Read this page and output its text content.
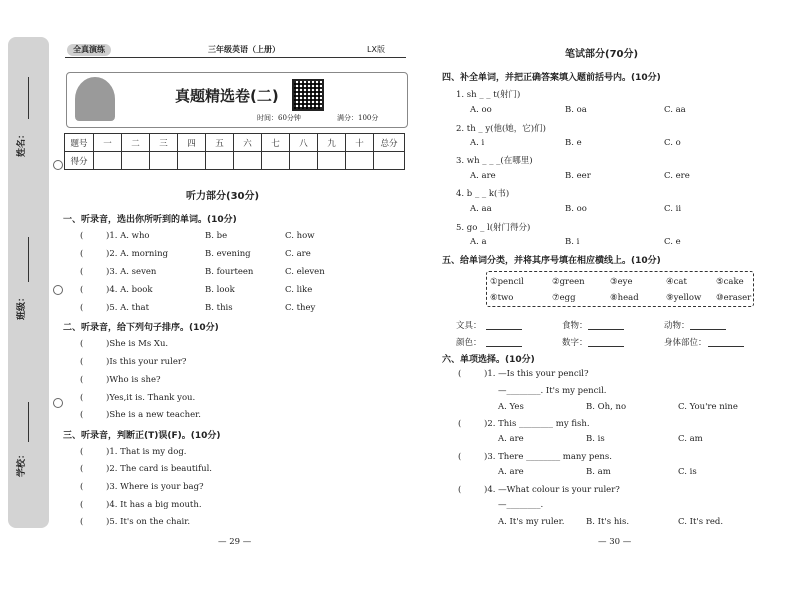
姓名：
班级：
学校：
全真演练	三年级英语（上册）	LX版
真题精选卷(二)
时间：60分钟	满分：100分
题号	一	二	三	四	五	六	七	八	九	十	总分
得分											
听力部分(30分)
一、听录音，选出你所听到的单词。(10分)
(	)1. A. who	B. be	C. how
(	)2. A. morning	B. evening	C. are
(	)3. A. seven	B. fourteen	C. eleven
(	)4. A. book	B. look	C. like
(	)5. A. that	B. this	C. they
二、听录音，给下列句子排序。(10分)
(	)She is Ms Xu.
(	)Is this your ruler?
(	)Who is she?
(	)Yes,it is. Thank you.
(	)She is a new teacher.
三、听录音，判断正(T)误(F)。(10分)
(	)1. That is my dog.
(	)2. The card is beautiful.
(	)3. Where is your bag?
(	)4. It has a big mouth.
(	)5. It's on the chair.
— 29 —
笔试部分(70分)
四、补全单词，并把正确答案填入题前括号内。(10分)
1. sh _ _ t(射门)
A. oo	B. oa	C. aa
2. th _ y(他(她，它)们)
A. i	B. e	C. o
3. wh _ _ _(在哪里)
A. are	B. eer	C. ere
4. b _ _ k(书)
A. aa	B. oo	C. ii
5. go _ l(射门得分)
A. a	B. i	C. e
五、给单词分类，并将其序号填在相应横线上。(10分)
①pencil	②green	③eye	④cat	⑤cake
⑥two	⑦egg	⑧head	⑨yellow ⑩eraser
文具：	食物：	动物：
颜色：	数字：	身体部位：
六、单项选择。(10分)
(	)1. —Is this your pencil?
—________. It's my pencil.
A. Yes	B. Oh, no	C. You're nine
(	)2. This ________ my fish.
A. are	B. is	C. am
(	)3. There ________ many pens.
A. are	B. am	C. is
(	)4. —What colour is your ruler?
—________.
A. It's my ruler.	B. It's his.	C. It's red.
— 30 —
